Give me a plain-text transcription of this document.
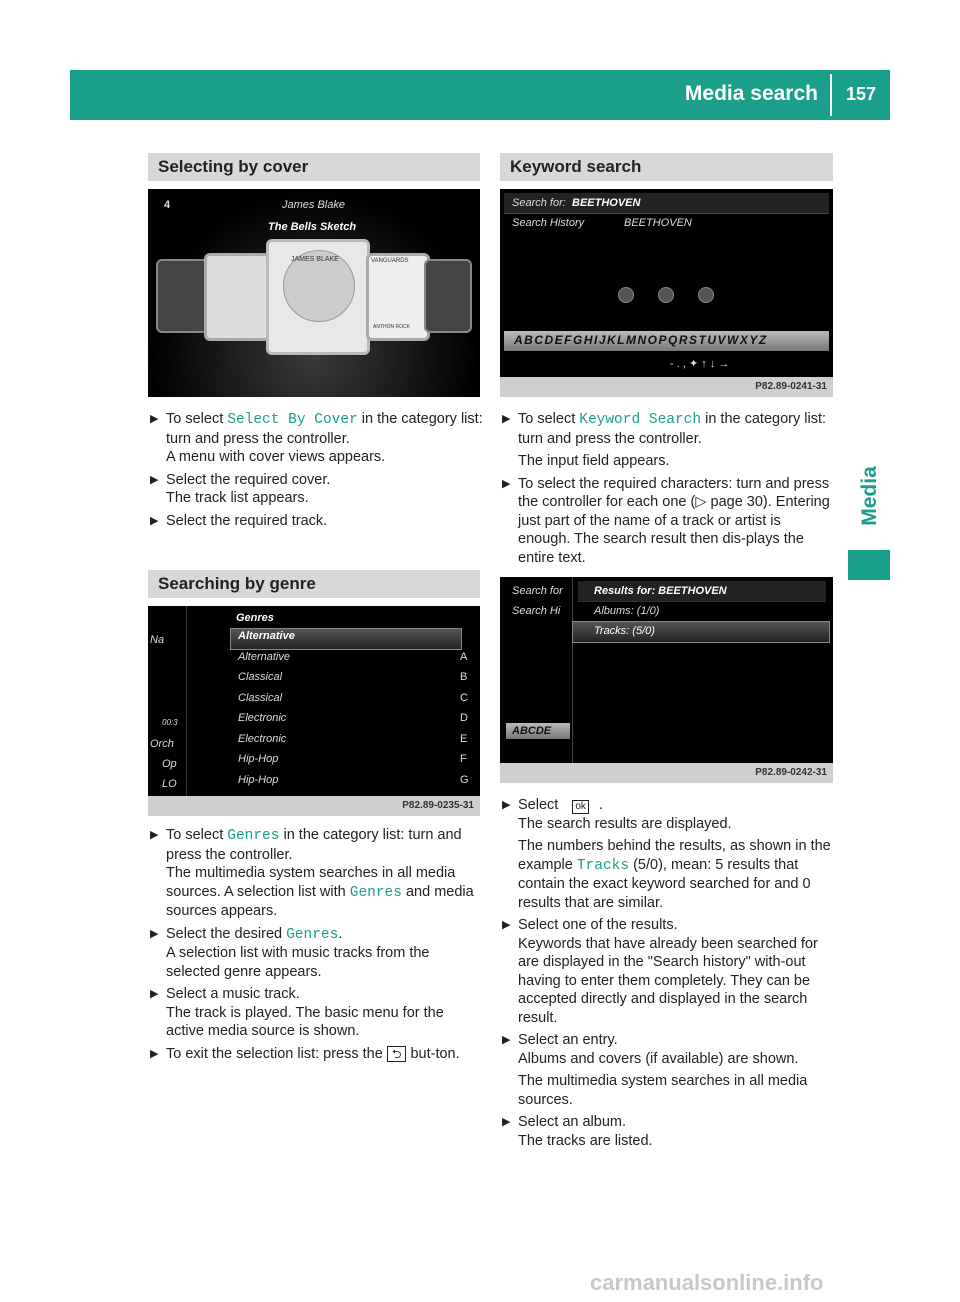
Media search 157
Media
Selecting by cover
4	James Blake
The Bells Sketch
JAMES BLAKE	VANGUARDS
ANTHON ROCK
▶ To select Select By Cover in the category list: turn and press the controller.
A menu with cover views appears.
▶ Select the required cover.
The track list appears.
▶ Select the required track.
Searching by genre
Genres
Na
00:3
Orch
Op
LO
Alternative
Alternative	A
Classical	B
Classical	C
Electronic	D
Electronic	E
Hip-Hop	F
Hip-Hop	G
P82.89-0235-31
▶ To select Genres in the category list: turn and press the controller.
The multimedia system searches in all media sources. A selection list with Genres and media sources appears.
▶ Select the desired Genres.
A selection list with music tracks from the selected genre appears.
▶ Select a music track.
The track is played. The basic menu for the active media source is shown.
▶ To exit the selection list: press the ⮌ but-ton.
Keyword search
Search for: BEETHOVEN
Search History	BEETHOVEN
ABCDEFGHIJKLMNOPQRSTUVWXYZ
- . , ✦ ↑ ↓ →
P82.89-0241-31
▶ To select Keyword Search in the category list: turn and press the controller.
The input field appears.
▶ To select the required characters: turn and press the controller for each one (▷ page 30). Entering just part of the name of a track or artist is enough. The search result then dis-plays the entire text.
Search for
Search Hi
Results for: BEETHOVEN
Albums: (1/0)
Tracks: (5/0)
ABCDE
P82.89-0242-31
▶ Select ok .
The search results are displayed.
The numbers behind the results, as shown in the example Tracks (5/0), mean: 5 results that contain the exact keyword searched for and 0 results that are similar.
▶ Select one of the results.
Keywords that have already been searched for are displayed in the "Search history" with-out having to enter them completely. They can be accepted directly and displayed in the search result.
▶ Select an entry.
Albums and covers (if available) are shown.
The multimedia system searches in all media sources.
▶ Select an album.
The tracks are listed.
carmanualsonline.info
